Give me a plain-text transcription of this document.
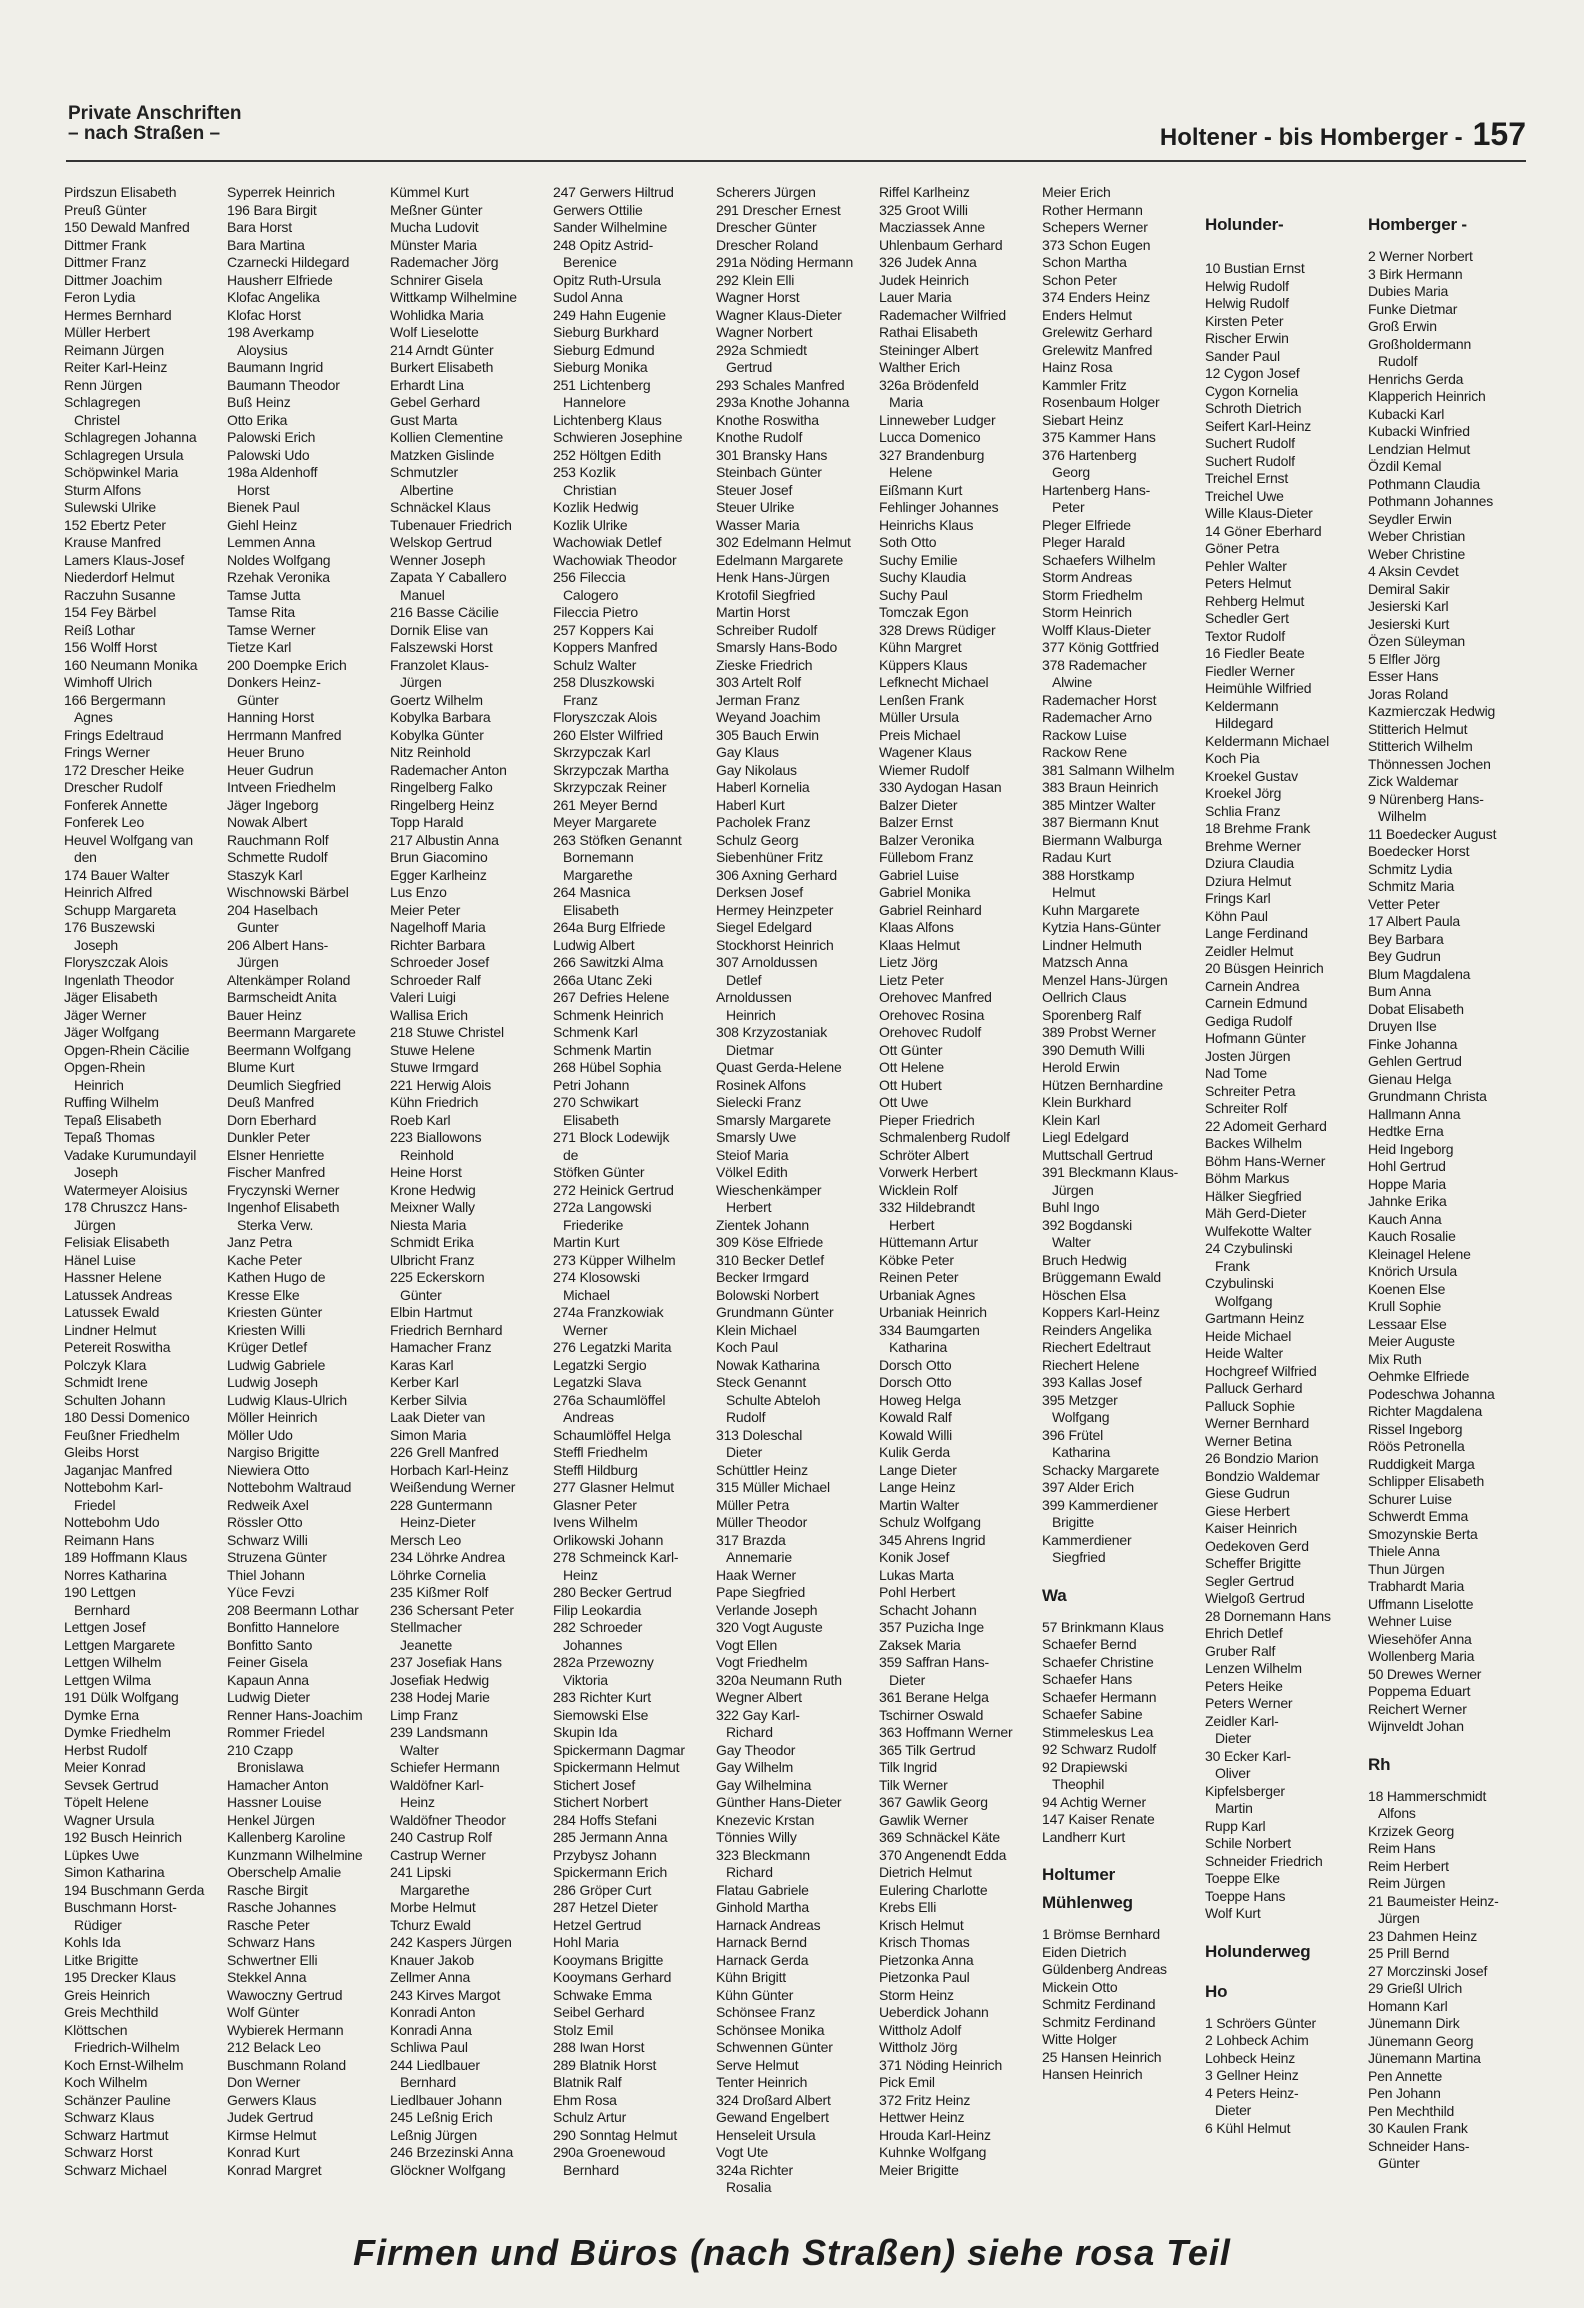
Private Anschriften
– nach Straßen –	Holtener - bis Homberger - 157
Pirdszun Elisabeth
Preuß Günter
150 Dewald Manfred
Dittmer Frank
Dittmer Franz
Dittmer Joachim
Feron Lydia
Hermes Bernhard
Müller Herbert
Reimann Jürgen
Reiter Karl-Heinz
Renn Jürgen
Schlagregen
Christel
Schlagregen Johanna
Schlagregen Ursula
Schöpwinkel Maria
Sturm Alfons
Sulewski Ulrike
152 Ebertz Peter
Krause Manfred
Lamers Klaus-Josef
Niederdorf Helmut
Raczuhn Susanne
154 Fey Bärbel
Reiß Lothar
156 Wolff Horst
160 Neumann Monika
Wimhoff Ulrich
166 Bergermann
Agnes
Frings Edeltraud
Frings Werner
172 Drescher Heike
Drescher Rudolf
Fonferek Annette
Fonferek Leo
Heuvel Wolfgang van
den
174 Bauer Walter
Heinrich Alfred
Schupp Margareta
176 Buszewski
Joseph
Floryszczak Alois
Ingenlath Theodor
Jäger Elisabeth
Jäger Werner
Jäger Wolfgang
Opgen-Rhein Cäcilie
Opgen-Rhein
Heinrich
Ruffing Wilhelm
Tepaß Elisabeth
Tepaß Thomas
Vadake Kurumundayil
Joseph
Watermeyer Aloisius
178 Chruszcz Hans-
Jürgen
Felisiak Elisabeth
Hänel Luise
Hassner Helene
Latussek Andreas
Latussek Ewald
Lindner Helmut
Petereit Roswitha
Polczyk Klara
Schmidt Irene
Schulten Johann
180 Dessi Domenico
Feußner Friedhelm
Gleibs Horst
Jaganjac Manfred
Nottebohm Karl-
Friedel
Nottebohm Udo
Reimann Hans
189 Hoffmann Klaus
Norres Katharina
190 Lettgen
Bernhard
Lettgen Josef
Lettgen Margarete
Lettgen Wilhelm
Lettgen Wilma
191 Dülk Wolfgang
Dymke Erna
Dymke Friedhelm
Herbst Rudolf
Meier Konrad
Sevsek Gertrud
Töpelt Helene
Wagner Ursula
192 Busch Heinrich
Lüpkes Uwe
Simon Katharina
194 Buschmann Gerda
Buschmann Horst-
Rüdiger
Kohls Ida
Litke Brigitte
195 Drecker Klaus
Greis Heinrich
Greis Mechthild
Klöttschen
Friedrich-Wilhelm
Koch Ernst-Wilhelm
Koch Wilhelm
Schänzer Pauline
Schwarz Klaus
Schwarz Hartmut
Schwarz Horst
Schwarz Michael
Syperrek Heinrich
196 Bara Birgit
Bara Horst
Bara Martina
Czarnecki Hildegard
Hausherr Elfriede
Klofac Angelika
Klofac Horst
198 Averkamp
Aloysius
Baumann Ingrid
Baumann Theodor
Buß Heinz
Otto Erika
Palowski Erich
Palowski Udo
198a Aldenhoff
Horst
Bienek Paul
Giehl Heinz
Lemmen Anna
Noldes Wolfgang
Rzehak Veronika
Tamse Jutta
Tamse Rita
Tamse Werner
Tietze Karl
200 Doempke Erich
Donkers Heinz-
Günter
Hanning Horst
Herrmann Manfred
Heuer Bruno
Heuer Gudrun
Intveen Friedhelm
Jäger Ingeborg
Nowak Albert
Rauchmann Rolf
Schmette Rudolf
Staszyk Karl
Wischnowski Bärbel
204 Haselbach
Gunter
206 Albert Hans-
Jürgen
Altenkämper Roland
Barmscheidt Anita
Bauer Heinz
Beermann Margarete
Beermann Wolfgang
Blume Kurt
Deumlich Siegfried
Deuß Manfred
Dorn Eberhard
Dunkler Peter
Elsner Henriette
Fischer Manfred
Fryczynski Werner
Ingenhof Elisabeth
Sterka Verw.
Janz Petra
Kache Peter
Kathen Hugo de
Kresse Elke
Kriesten Günter
Kriesten Willi
Krüger Detlef
Ludwig Gabriele
Ludwig Joseph
Ludwig Klaus-Ulrich
Möller Heinrich
Möller Udo
Nargiso Brigitte
Niewiera Otto
Nottebohm Waltraud
Redweik Axel
Rössler Otto
Schwarz Willi
Struzena Günter
Thiel Johann
Yüce Fevzi
208 Beermann Lothar
Bonfitto Hannelore
Bonfitto Santo
Feiner Gisela
Kapaun Anna
Ludwig Dieter
Renner Hans-Joachim
Rommer Friedel
210 Czapp
Bronislawa
Hamacher Anton
Hassner Louise
Henkel Jürgen
Kallenberg Karoline
Kunzmann Wilhelmine
Oberschelp Amalie
Rasche Birgit
Rasche Johannes
Rasche Peter
Schwarz Hans
Schwertner Elli
Stekkel Anna
Wawoczny Gertrud
Wolf Günter
Wybierek Hermann
212 Belack Leo
Buschmann Roland
Don Werner
Gerwers Klaus
Judek Gertrud
Kirmse Helmut
Konrad Kurt
Konrad Margret
Kümmel Kurt
Meßner Günter
Mucha Ludovit
Münster Maria
Rademacher Jörg
Schnirer Gisela
Wittkamp Wilhelmine
Wohlidka Maria
Wolf Lieselotte
214 Arndt Günter
Burkert Elisabeth
Erhardt Lina
Gebel Gerhard
Gust Marta
Kollien Clementine
Matzken Gislinde
Schmutzler
Albertine
Schnäckel Klaus
Tubenauer Friedrich
Welskop Gertrud
Wenner Joseph
Zapata Y Caballero
Manuel
216 Basse Cäcilie
Dornik Elise van
Falszewski Horst
Franzolet Klaus-
Jürgen
Goertz Wilhelm
Kobylka Barbara
Kobylka Günter
Nitz Reinhold
Rademacher Anton
Ringelberg Falko
Ringelberg Heinz
Topp Harald
217 Albustin Anna
Brun Giacomino
Egger Karlheinz
Lus Enzo
Meier Peter
Nagelhoff Maria
Richter Barbara
Schroeder Josef
Schroeder Ralf
Valeri Luigi
Wallisa Erich
218 Stuwe Christel
Stuwe Helene
Stuwe Irmgard
221 Herwig Alois
Kühn Friedrich
Roeb Karl
223 Biallowons
Reinhold
Heine Horst
Krone Hedwig
Meixner Wally
Niesta Maria
Schmidt Erika
Ulbricht Franz
225 Eckerskorn
Günter
Elbin Hartmut
Friedrich Bernhard
Hamacher Franz
Karas Karl
Kerber Karl
Kerber Silvia
Laak Dieter van
Simon Maria
226 Grell Manfred
Horbach Karl-Heinz
Weißendung Werner
228 Guntermann
Heinz-Dieter
Mersch Leo
234 Löhrke Andrea
Löhrke Cornelia
235 Kißmer Rolf
236 Schersant Peter
Stellmacher
Jeanette
237 Josefiak Hans
Josefiak Hedwig
238 Hodej Marie
Limp Franz
239 Landsmann
Walter
Schiefer Hermann
Waldöfner Karl-
Heinz
Waldöfner Theodor
240 Castrup Rolf
Castrup Werner
241 Lipski
Margarethe
Morbe Helmut
Tchurz Ewald
242 Kaspers Jürgen
Knauer Jakob
Zellmer Anna
243 Kirves Margot
Konradi Anton
Konradi Anna
Schliwa Paul
244 Liedlbauer
Bernhard
Liedlbauer Johann
245 Leßnig Erich
Leßnig Jürgen
246 Brzezinski Anna
Glöckner Wolfgang
247 Gerwers Hiltrud
Gerwers Ottilie
Sander Wilhelmine
248 Opitz Astrid-
Berenice
Opitz Ruth-Ursula
Sudol Anna
249 Hahn Eugenie
Sieburg Burkhard
Sieburg Edmund
Sieburg Monika
251 Lichtenberg
Hannelore
Lichtenberg Klaus
Schwieren Josephine
252 Höltgen Edith
253 Kozlik
Christian
Kozlik Hedwig
Kozlik Ulrike
Wachowiak Detlef
Wachowiak Theodor
256 Fileccia
Calogero
Fileccia Pietro
257 Koppers Kai
Koppers Manfred
Schulz Walter
258 Dluszkowski
Franz
Floryszczak Alois
260 Elster Wilfried
Skrzypczak Karl
Skrzypczak Martha
Skrzypczak Reiner
261 Meyer Bernd
Meyer Margarete
263 Stöfken Genannt
Bornemann
Margarethe
264 Masnica
Elisabeth
264a Burg Elfriede
Ludwig Albert
266 Sawitzki Alma
266a Utanc Zeki
267 Defries Helene
Schmenk Heinrich
Schmenk Karl
Schmenk Martin
268 Hübel Sophia
Petri Johann
270 Schwikart
Elisabeth
271 Block Lodewijk
de
Stöfken Günter
272 Heinick Gertrud
272a Langowski
Friederike
Martin Kurt
273 Küpper Wilhelm
274 Klosowski
Michael
274a Franzkowiak
Werner
276 Legatzki Marita
Legatzki Sergio
Legatzki Slava
276a Schaumlöffel
Andreas
Schaumlöffel Helga
Steffl Friedhelm
Steffl Hildburg
277 Glasner Helmut
Glasner Peter
Ivens Wilhelm
Orlikowski Johann
278 Schmeinck Karl-
Heinz
280 Becker Gertrud
Filip Leokardia
282 Schroeder
Johannes
282a Przewozny
Viktoria
283 Richter Kurt
Siemowski Else
Skupin Ida
Spickermann Dagmar
Spickermann Helmut
Stichert Josef
Stichert Norbert
284 Hoffs Stefani
285 Jermann Anna
Przybysz Johann
Spickermann Erich
286 Gröper Curt
287 Hetzel Dieter
Hetzel Gertrud
Hohl Maria
Kooymans Brigitte
Kooymans Gerhard
Schwake Emma
Seibel Gerhard
Stolz Emil
288 Iwan Horst
289 Blatnik Horst
Blatnik Ralf
Ehm Rosa
Schulz Artur
290 Sonntag Helmut
290a Groenewoud
Bernhard
Scherers Jürgen
291 Drescher Ernest
Drescher Günter
Drescher Roland
291a Nöding Hermann
292 Klein Elli
Wagner Horst
Wagner Klaus-Dieter
Wagner Norbert
292a Schmiedt
Gertrud
293 Schales Manfred
293a Knothe Johanna
Knothe Roswitha
Knothe Rudolf
301 Bransky Hans
Steinbach Günter
Steuer Josef
Steuer Ulrike
Wasser Maria
302 Edelmann Helmut
Edelmann Margarete
Henk Hans-Jürgen
Krotofil Siegfried
Martin Horst
Schreiber Rudolf
Smarsly Hans-Bodo
Zieske Friedrich
303 Artelt Rolf
Jerman Franz
Weyand Joachim
305 Bauch Erwin
Gay Klaus
Gay Nikolaus
Haberl Kornelia
Haberl Kurt
Pacholek Franz
Schulz Georg
Siebenhüner Fritz
306 Axning Gerhard
Derksen Josef
Hermey Heinzpeter
Siegel Edelgard
Stockhorst Heinrich
307 Arnoldussen
Detlef
Arnoldussen
Heinrich
308 Krzyzostaniak
Dietmar
Quast Gerda-Helene
Rosinek Alfons
Sielecki Franz
Smarsly Margarete
Smarsly Uwe
Steiof Maria
Völkel Edith
Wieschenkämper
Herbert
Zientek Johann
309 Köse Elfriede
310 Becker Detlef
Becker Irmgard
Bolowski Norbert
Grundmann Günter
Klein Michael
Koch Paul
Nowak Katharina
Steck Genannt
Schulte Abteloh
Rudolf
313 Doleschal
Dieter
Schüttler Heinz
315 Müller Michael
Müller Petra
Müller Theodor
317 Brazda
Annemarie
Haak Werner
Pape Siegfried
Verlande Joseph
320 Vogt Auguste
Vogt Ellen
Vogt Friedhelm
320a Neumann Ruth
Wegner Albert
322 Gay Karl-
Richard
Gay Theodor
Gay Wilhelm
Gay Wilhelmina
Günther Hans-Dieter
Knezevic Krstan
Tönnies Willy
323 Bleckmann
Richard
Flatau Gabriele
Ginhold Martha
Harnack Andreas
Harnack Bernd
Harnack Gerda
Kühn Brigitt
Kühn Günter
Schönsee Franz
Schönsee Monika
Schwennen Günter
Serve Helmut
Tenter Heinrich
324 Droßard Albert
Gewand Engelbert
Henseleit Ursula
Vogt Ute
324a Richter
Rosalia
Riffel Karlheinz
325 Groot Willi
Macziassek Anne
Uhlenbaum Gerhard
326 Judek Anna
Judek Heinrich
Lauer Maria
Rademacher Wilfried
Rathai Elisabeth
Steininger Albert
Walther Erich
326a Brödenfeld
Maria
Linneweber Ludger
Lucca Domenico
327 Brandenburg
Helene
Eißmann Kurt
Fehlinger Johannes
Heinrichs Klaus
Soth Otto
Suchy Emilie
Suchy Klaudia
Suchy Paul
Tomczak Egon
328 Drews Rüdiger
Kühn Margret
Küppers Klaus
Lefknecht Michael
Lenßen Frank
Müller Ursula
Preis Michael
Wagener Klaus
Wiemer Rudolf
330 Aydogan Hasan
Balzer Dieter
Balzer Ernst
Balzer Veronika
Füllebom Franz
Gabriel Luise
Gabriel Monika
Gabriel Reinhard
Klaas Alfons
Klaas Helmut
Lietz Jörg
Lietz Peter
Orehovec Manfred
Orehovec Rosina
Orehovec Rudolf
Ott Günter
Ott Helene
Ott Hubert
Ott Uwe
Pieper Friedrich
Schmalenberg Rudolf
Schröter Albert
Vorwerk Herbert
Wicklein Rolf
332 Hildebrandt
Herbert
Hüttemann Artur
Köbke Peter
Reinen Peter
Urbaniak Agnes
Urbaniak Heinrich
334 Baumgarten
Katharina
Dorsch Otto
Dorsch Otto
Howeg Helga
Kowald Ralf
Kowald Willi
Kulik Gerda
Lange Dieter
Lange Heinz
Martin Walter
Schulz Wolfgang
345 Ahrens Ingrid
Konik Josef
Lukas Marta
Pohl Herbert
Schacht Johann
357 Puzicha Inge
Zaksek Maria
359 Saffran Hans-
Dieter
361 Berane Helga
Tschirner Oswald
363 Hoffmann Werner
365 Tilk Gertrud
Tilk Ingrid
Tilk Werner
367 Gawlik Georg
Gawlik Werner
369 Schnäckel Käte
370 Angenendt Edda
Dietrich Helmut
Eulering Charlotte
Krebs Elli
Krisch Helmut
Krisch Thomas
Pietzonka Anna
Pietzonka Paul
Storm Heinz
Ueberdick Johann
Wittholz Adolf
Wittholz Jörg
371 Nöding Heinrich
Pick Emil
372 Fritz Heinz
Hettwer Heinz
Hrouda Karl-Heinz
Kuhnke Wolfgang
Meier Brigitte
Meier Erich
Rother Hermann
Schepers Werner
373 Schon Eugen
Schon Martha
Schon Peter
374 Enders Heinz
Enders Helmut
Grelewitz Gerhard
Grelewitz Manfred
Hainz Rosa
Kammler Fritz
Rosenbaum Holger
Siebart Heinz
375 Kammer Hans
376 Hartenberg
Georg
Hartenberg Hans-
Peter
Pleger Elfriede
Pleger Harald
Schaefers Wilhelm
Storm Andreas
Storm Friedhelm
Storm Heinrich
Wolff Klaus-Dieter
377 König Gottfried
378 Rademacher
Alwine
Rademacher Horst
Rademacher Arno
Rackow Luise
Rackow Rene
381 Salmann Wilhelm
383 Braun Heinrich
385 Mintzer Walter
387 Biermann Knut
Biermann Walburga
Radau Kurt
388 Horstkamp
Helmut
Kuhn Margarete
Kytzia Hans-Günter
Lindner Helmuth
Matzsch Anna
Menzel Hans-Jürgen
Oellrich Claus
Sporenberg Ralf
389 Probst Werner
390 Demuth Willi
Herold Erwin
Hützen Bernhardine
Klein Burkhard
Klein Karl
Liegl Edelgard
Muttschall Gertrud
391 Bleckmann Klaus-
Jürgen
Buhl Ingo
392 Bogdanski
Walter
Bruch Hedwig
Brüggemann Ewald
Höschen Elsa
Koppers Karl-Heinz
Reinders Angelika
Riechert Edeltraut
Riechert Helene
393 Kallas Josef
395 Metzger
Wolfgang
396 Frütel
Katharina
Schacky Margarete
397 Alder Erich
399 Kammerdiener
Brigitte
Kammerdiener
Siegfried
Wa
57 Brinkmann Klaus
Schaefer Bernd
Schaefer Christine
Schaefer Hans
Schaefer Hermann
Schaefer Sabine
Stimmeleskus Lea
92 Schwarz Rudolf
92 Drapiewski
Theophil
94 Achtig Werner
147 Kaiser Renate
Landherr Kurt
Holtumer
Mühlenweg
1 Brömse Bernhard
Eiden Dietrich
Güldenberg Andreas
Mickein Otto
Schmitz Ferdinand
Schmitz Ferdinand
Witte Holger
25 Hansen Heinrich
Hansen Heinrich
Holunder-
10 Bustian Ernst
Helwig Rudolf
Helwig Rudolf
Kirsten Peter
Rischer Erwin
Sander Paul
12 Cygon Josef
Cygon Kornelia
Schroth Dietrich
Seifert Karl-Heinz
Suchert Rudolf
Suchert Rudolf
Treichel Ernst
Treichel Uwe
Wille Klaus-Dieter
14 Göner Eberhard
Göner Petra
Pehler Walter
Peters Helmut
Rehberg Helmut
Schedler Gert
Textor Rudolf
16 Fiedler Beate
Fiedler Werner
Heimühle Wilfried
Keldermann
Hildegard
Keldermann Michael
Koch Pia
Kroekel Gustav
Kroekel Jörg
Schlia Franz
18 Brehme Frank
Brehme Werner
Dziura Claudia
Dziura Helmut
Frings Karl
Köhn Paul
Lange Ferdinand
Zeidler Helmut
20 Büsgen Heinrich
Carnein Andrea
Carnein Edmund
Gediga Rudolf
Hofmann Günter
Josten Jürgen
Nad Tome
Schreiter Petra
Schreiter Rolf
22 Adomeit Gerhard
Backes Wilhelm
Böhm Hans-Werner
Böhm Markus
Hälker Siegfried
Mäh Gerd-Dieter
Wulfekotte Walter
24 Czybulinski
Frank
Czybulinski
Wolfgang
Gartmann Heinz
Heide Michael
Heide Walter
Hochgreef Wilfried
Palluck Gerhard
Palluck Sophie
Werner Bernhard
Werner Betina
26 Bondzio Marion
Bondzio Waldemar
Giese Gudrun
Giese Herbert
Kaiser Heinrich
Oedekoven Gerd
Scheffer Brigitte
Segler Gertrud
Wielgoß Gertrud
28 Dornemann Hans
Ehrich Detlef
Gruber Ralf
Lenzen Wilhelm
Peters Heike
Peters Werner
Zeidler Karl-
Dieter
30 Ecker Karl-
Oliver
Kipfelsberger
Martin
Rupp Karl
Schile Norbert
Schneider Friedrich
Toeppe Elke
Toeppe Hans
Wolf Kurt
Holunderweg
Ho
1 Schröers Günter
2 Lohbeck Achim
Lohbeck Heinz
3 Gellner Heinz
4 Peters Heinz-
Dieter
6 Kühl Helmut
Homberger -
2 Werner Norbert
3 Birk Hermann
Dubies Maria
Funke Dietmar
Groß Erwin
Großholdermann
Rudolf
Henrichs Gerda
Klapperich Heinrich
Kubacki Karl
Kubacki Winfried
Lendzian Helmut
Özdil Kemal
Pothmann Claudia
Pothmann Johannes
Seydler Erwin
Weber Christian
Weber Christine
4 Aksin Cevdet
Demiral Sakir
Jesierski Karl
Jesierski Kurt
Özen Süleyman
5 Elfler Jörg
Esser Hans
Joras Roland
Kazmierczak Hedwig
Stitterich Helmut
Stitterich Wilhelm
Thönnessen Jochen
Zick Waldemar
9 Nürenberg Hans-
Wilhelm
11 Boedecker August
Boedecker Horst
Schmitz Lydia
Schmitz Maria
Vetter Peter
17 Albert Paula
Bey Barbara
Bey Gudrun
Blum Magdalena
Bum Anna
Dobat Elisabeth
Druyen Ilse
Finke Johanna
Gehlen Gertrud
Gienau Helga
Grundmann Christa
Hallmann Anna
Hedtke Erna
Heid Ingeborg
Hohl Gertrud
Hoppe Maria
Jahnke Erika
Kauch Anna
Kauch Rosalie
Kleinagel Helene
Knörich Ursula
Koenen Else
Krull Sophie
Lessaar Else
Meier Auguste
Mix Ruth
Oehmke Elfriede
Podeschwa Johanna
Richter Magdalena
Rissel Ingeborg
Röös Petronella
Ruddigkeit Marga
Schlipper Elisabeth
Schurer Luise
Schwerdt Emma
Smozynskie Berta
Thiele Anna
Thun Jürgen
Trabhardt Maria
Uffmann Liselotte
Wehner Luise
Wiesehöfer Anna
Wollenberg Maria
50 Drewes Werner
Poppema Eduart
Reichert Werner
Wijnveldt Johan
Rh
18 Hammerschmidt
Alfons
Krzizek Georg
Reim Hans
Reim Herbert
Reim Jürgen
21 Baumeister Heinz-
Jürgen
23 Dahmen Heinz
25 Prill Bernd
27 Morczinski Josef
29 Grießl Ulrich
Homann Karl
Jünemann Dirk
Jünemann Georg
Jünemann Martina
Pen Annette
Pen Johann
Pen Mechthild
30 Kaulen Frank
Schneider Hans-
Günter
Firmen und Büros (nach Straßen) siehe rosa Teil
